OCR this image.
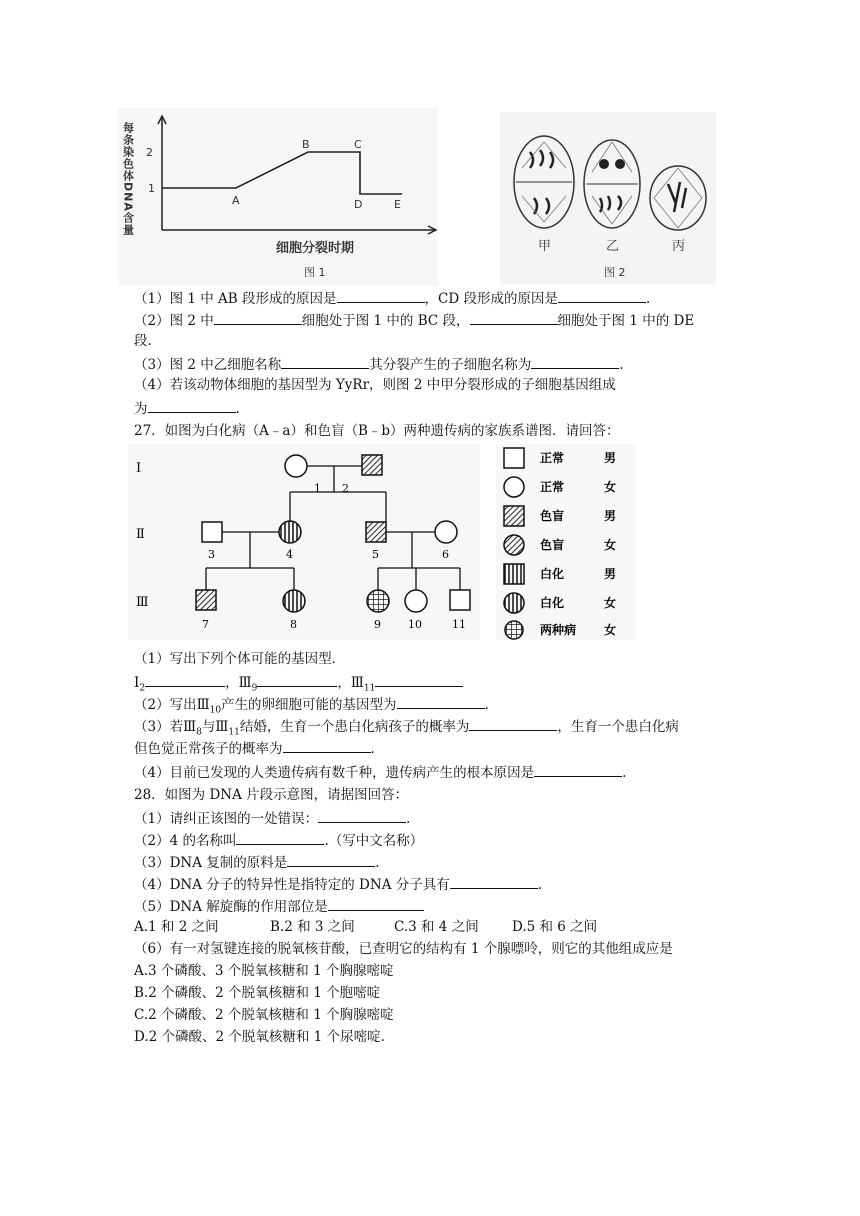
每条染色体DNA含量 2
1
A
B	C
D	E
细胞分裂时期
图 1
甲	乙	丙
图 2
（1）图 1 中 AB 段形成的原因是	，CD 段形成的原因是	.
（2）图 2 中	细胞处于图 1 中的 BC 段，	细胞处于图 1 中的 DE
段.
（3）图 2 中乙细胞名称	其分裂产生的子细胞名称为	.
（4）若该动物体细胞的基因型为 YyRr，则图 2 中甲分裂形成的子细胞基因组成
为	.
27．如图为白化病（A﹣a）和色盲（B﹣b）两种遗传病的家族系谱图．请回答：
Ⅰ
Ⅱ
Ⅲ
1 2
3	4	5	6
7	8	9 10	11
正常	男
正常	女
色盲	男
色盲	女
白化	男
白化	女
两种病 女
（1）写出下列个体可能的基因型．
$Ⅰ_2$	，$Ⅲ_9$	，$Ⅲ_{11}$
（2）写出$Ⅲ_{10}$产生的卵细胞可能的基因型为	.
（3）若$Ⅲ_8$与$Ⅲ_{11}$结婚，生育一个患白化病孩子的概率为	，生育一个患白化病
但色觉正常孩子的概率为	.
（4）目前已发现的人类遗传病有数千种，遗传病产生的根本原因是	.
28．如图为 DNA 片段示意图，请据图回答：
（1）请纠正该图的一处错误：	.
（2）4 的名称叫	.（写中文名称）
（3）DNA 复制的原料是	.
（4）DNA 分子的特异性是指特定的 DNA 分子具有	.
（5）DNA 解旋酶的作用部位是
A.1 和 2 之间	B.2 和 3 之间	C.3 和 4 之间 D.5 和 6 之间
（6）有一对氢键连接的脱氧核苷酸，已查明它的结构有 1 个腺嘌呤，则它的其他组成应是
A.3 个磷酸、3 个脱氧核糖和 1 个胸腺嘧啶
B.2 个磷酸、2 个脱氧核糖和 1 个胞嘧啶
C.2 个磷酸、2 个脱氧核糖和 1 个胸腺嘧啶
D.2 个磷酸、2 个脱氧核糖和 1 个尿嘧啶.
